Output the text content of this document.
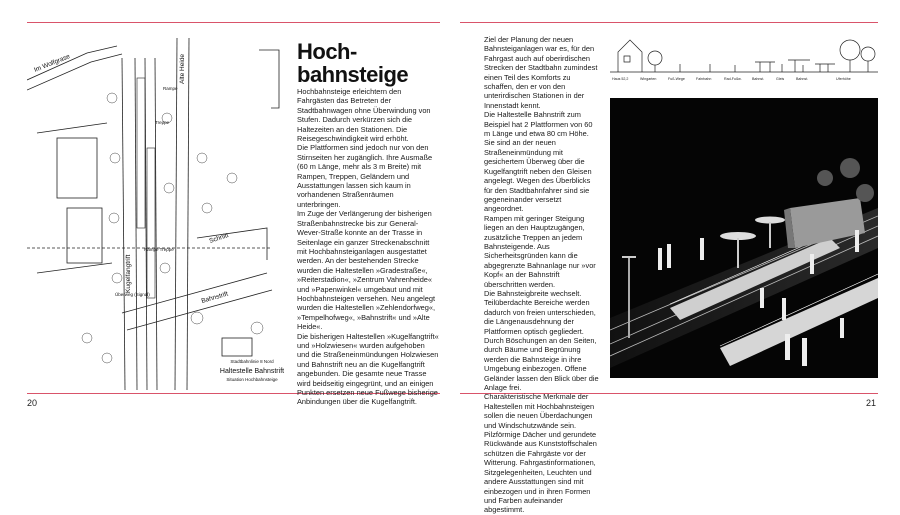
Im Wolfgrase	Alte Heide
Kugelfangtrift
Bahnstrift
Schnitt
Rampe
Treppe
Rampe Treppe
Überweg (Signal)
Stadtbahnlinie 8 Nord
Haltestelle Bahnstrift
Situation Hochbahnsteige
Hoch-
bahnsteige

Hochbahnsteige erleichtern den Fahrgästen das Betreten der Stadtbahnwagen ohne Überwindung von Stufen. Dadurch verkürzen sich die Haltezeiten an den Stationen. Die Reisegeschwindigkeit wird erhöht.

Die Plattformen sind jedoch nur von den Stirnseiten her zugänglich. Ihre Ausmaße (60 m Länge, mehr als 3 m Breite) mit Rampen, Treppen, Geländern und Ausstattungen lassen sich kaum in vorhandenen Straßenräumen unterbringen.

Im Zuge der Verlängerung der bisherigen Straßenbahnstrecke bis zur General-Wever-Straße konnte an der Trasse in Seitenlage ein ganzer Streckenabschnitt mit Hochbahnsteiganlagen ausgestattet werden. An der bestehenden Strecke wurden die Haltestellen »Gradestraße«, »Reiterstadion«, »Zentrum Vahrenheide« und »Papenwinkel« umgebaut und mit Hochbahnsteigen versehen. Neu angelegt wurden die Haltestellen »Zehlendorfweg«, »Tempelhofweg«, »Bahnstrift« und »Alte Heide«.

Die bisherigen Haltestellen »Kugelfangtrift« und »Holzwiesen« wurden aufgehoben und die Straßeneinmündungen Holzwiesen und Bahnstrift neu an die Kugelfangtrift angebunden. Die gesamte neue Trasse wird beidseitig eingegrünt, und an einigen Punkten ersetzen neue Fußwege bisherige Anbindungen über die Kugelfangtrift.

20

Ziel der Planung der neuen Bahnsteiganlagen war es, für den Fahrgast auch auf oberirdischen Strecken der Stadtbahn zumindest einen Teil des Komforts zu schaffen, den er von den unterirdischen Stationen in der Innenstadt kennt.

Die Haltestelle Bahnstrift zum Beispiel hat 2 Plattformen von 60 m Länge und etwa 80 cm Höhe. Sie sind an der neuen Straßeneinmündung mit gesichertem Überweg über die Kugelfangtrift neben den Gleisen angelegt. Wegen des Überblicks für den Stadtbahnfahrer sind sie gegeneinander versetzt angeordnet.

Rampen mit geringer Steigung liegen an den Hauptzugängen, zusätzliche Treppen an jedem Bahnsteigende. Aus Sicherheitsgründen kann die abgegrenzte Bahnanlage nur »vor Kopf« an der Bahnstrift überschritten werden.

Die Bahnsteigbreite wechselt. Teilüberdachte Bereiche werden dadurch von freien unterschieden, die Längenausdehnung der Plattformen optisch gegliedert. Durch Böschungen an den Seiten, durch Bäume und Begrünung werden die Bahnsteige in ihre Umgebung einbezogen. Offene Geländer lassen den Blick über die Anlage frei.

Charakteristische Merkmale der Haltestellen mit Hochbahnsteigen sollen die neuen Überdachungen und Windschutzwände sein. Pilzförmige Dächer und gerundete Rückwände aus Kunststoffschalen schützen die Fahrgäste vor der Witterung. Fahrgastinformationen, Sitzgelegenheiten, Leuchten und andere Ausstattungen sind mit einbezogen und in ihren Formen und Farben aufeinander abgestimmt.

Haus 52,2	Wingarten	Fuß-Wege	Fahrbahn	Rad-Fußw.	Bahnst.	Gleis	Bahnst.	Uferhöhe
21
